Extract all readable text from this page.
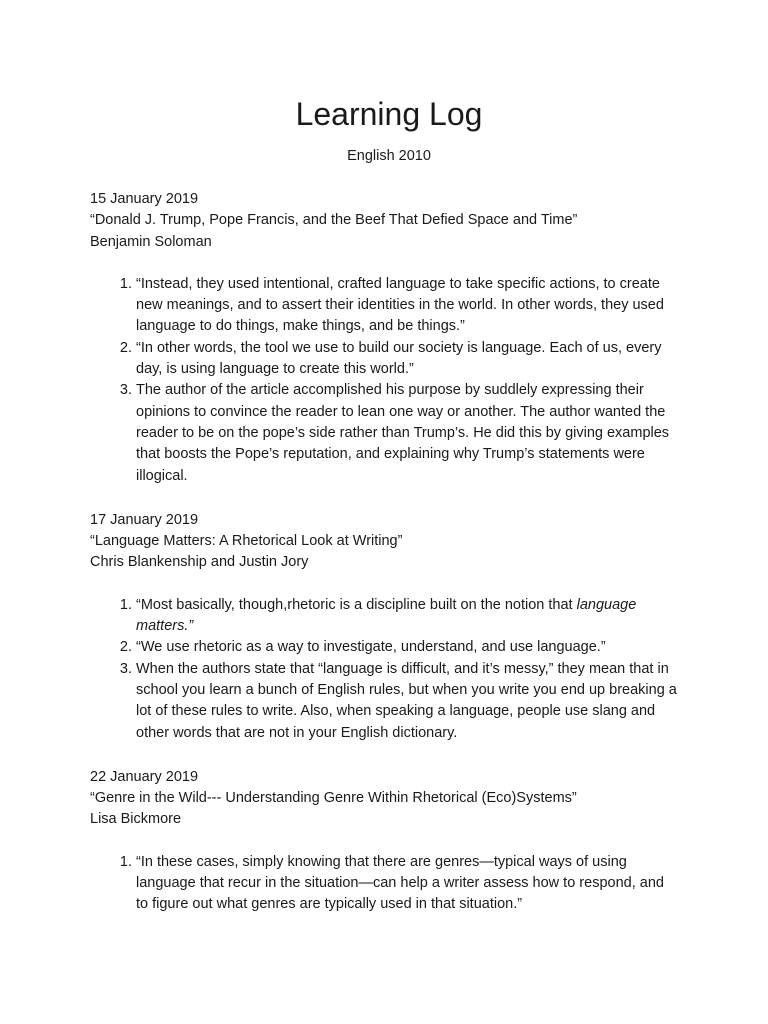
Learning Log

English 2010

15 January 2019

“Donald J. Trump, Pope Francis, and the Beef That Defied Space and Time”

Benjamin Soloman

1. “Instead, they used intentional, crafted language to take specific actions, to create new meanings, and to assert their identities in the world. In other words, they used language to do things, make things, and be things.”
2. “In other words, the tool we use to build our society is language. Each of us, every day, is using language to create this world.”
3. The author of the article accomplished his purpose by suddlely expressing their opinions to convince the reader to lean one way or another. The author wanted the reader to be on the pope’s side rather than Trump’s. He did this by giving examples that boosts the Pope’s reputation, and explaining why Trump’s statements were illogical.

17 January 2019

“Language Matters: A Rhetorical Look at Writing”

Chris Blankenship and Justin Jory

1. “Most basically, though,rhetoric is a discipline built on the notion that language matters.”
2. “We use rhetoric as a way to investigate, understand, and use language.”
3. When the authors state that “language is difficult, and it’s messy,” they mean that in school you learn a bunch of English rules, but when you write you end up breaking a lot of these rules to write. Also, when speaking a language, people use slang and other words that are not in your English dictionary.

22 January 2019

“Genre in the Wild--- Understanding Genre Within Rhetorical (Eco)Systems”

Lisa Bickmore

1. “In these cases, simply knowing that there are genres—typical ways of using language that recur in the situation—can help a writer assess how to respond, and to figure out what genres are typically used in that situation.”
